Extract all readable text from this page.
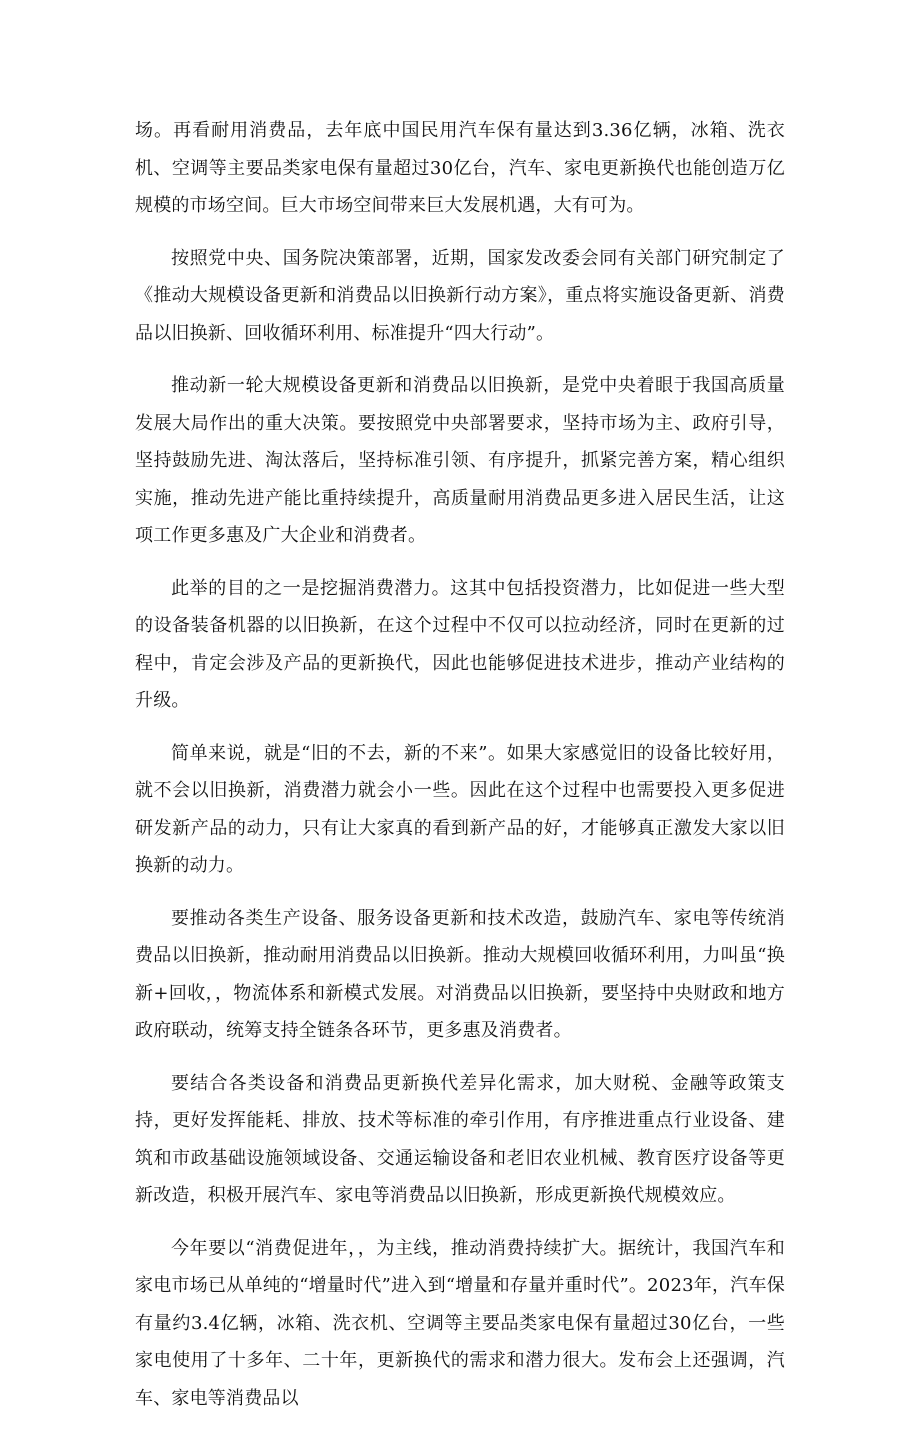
场。再看耐用消费品，去年底中国民用汽车保有量达到3.36亿辆，冰箱、洗衣机、空调等主要品类家电保有量超过30亿台，汽车、家电更新换代也能创造万亿规模的市场空间。巨大市场空间带来巨大发展机遇，大有可为。

按照党中央、国务院决策部署，近期，国家发改委会同有关部门研究制定了《推动大规模设备更新和消费品以旧换新行动方案》，重点将实施设备更新、消费品以旧换新、回收循环利用、标准提升“四大行动”。

推动新一轮大规模设备更新和消费品以旧换新，是党中央着眼于我国高质量发展大局作出的重大决策。要按照党中央部署要求，坚持市场为主、政府引导，坚持鼓励先进、淘汰落后，坚持标准引领、有序提升，抓紧完善方案，精心组织实施，推动先进产能比重持续提升，高质量耐用消费品更多进入居民生活，让这项工作更多惠及广大企业和消费者。

此举的目的之一是挖掘消费潜力。这其中包括投资潜力，比如促进一些大型的设备装备机器的以旧换新，在这个过程中不仅可以拉动经济，同时在更新的过程中，肯定会涉及产品的更新换代，因此也能够促进技术进步，推动产业结构的升级。

简单来说，就是“旧的不去，新的不来”。如果大家感觉旧的设备比较好用，就不会以旧换新，消费潜力就会小一些。因此在这个过程中也需要投入更多促进研发新产品的动力，只有让大家真的看到新产品的好，才能够真正激发大家以旧换新的动力。

要推动各类生产设备、服务设备更新和技术改造，鼓励汽车、家电等传统消费品以旧换新，推动耐用消费品以旧换新。推动大规模回收循环利用，力叫虽“换新+回收，，物流体系和新模式发展。对消费品以旧换新，要坚持中央财政和地方政府联动，统筹支持全链条各环节，更多惠及消费者。

要结合各类设备和消费品更新换代差异化需求，加大财税、金融等政策支持，更好发挥能耗、排放、技术等标准的牵引作用，有序推进重点行业设备、建筑和市政基础设施领域设备、交通运输设备和老旧农业机械、教育医疗设备等更新改造，积极开展汽车、家电等消费品以旧换新，形成更新换代规模效应。

今年要以“消费促进年，，为主线，推动消费持续扩大。据统计，我国汽车和家电市场已从单纯的“增量时代”进入到“增量和存量并重时代”。2023年，汽车保有量约3.4亿辆，冰箱、洗衣机、空调等主要品类家电保有量超过30亿台，一些家电使用了十多年、二十年，更新换代的需求和潜力很大。发布会上还强调，汽车、家电等消费品以
